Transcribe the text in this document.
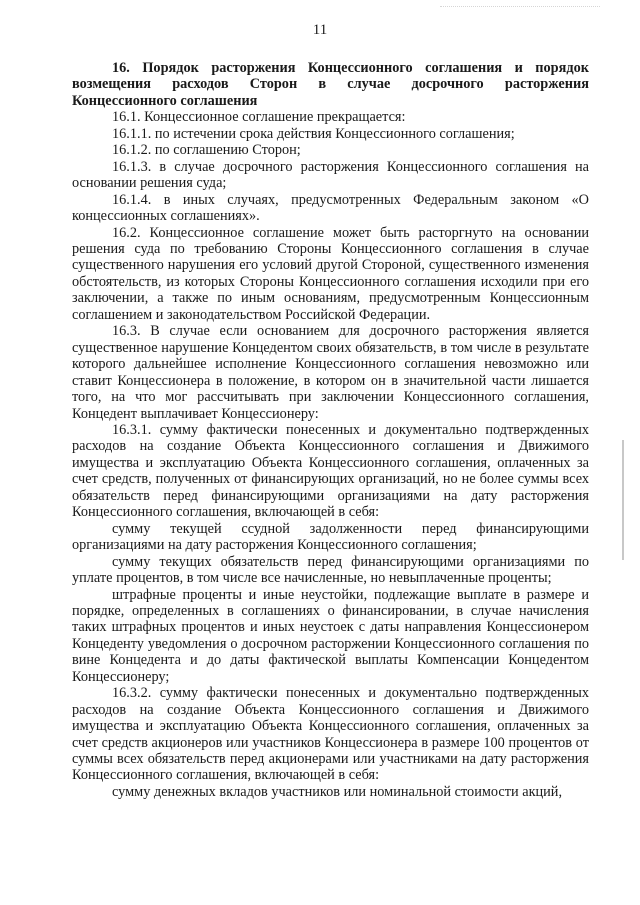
11

16. Порядок расторжения Концессионного соглашения и порядок возмещения расходов Сторон в случае досрочного расторжения Концессионного соглашения

16.1. Концессионное соглашение прекращается:

16.1.1. по истечении срока действия Концессионного соглашения;

16.1.2. по соглашению Сторон;

16.1.3. в случае досрочного расторжения Концессионного соглашения на основании решения суда;

16.1.4. в иных случаях, предусмотренных Федеральным законом «О концессионных соглашениях».

16.2. Концессионное соглашение может быть расторгнуто на основании решения суда по требованию Стороны Концессионного соглашения в случае существенного нарушения его условий другой Стороной, существенного изменения обстоятельств, из которых Стороны Концессионного соглашения исходили при его заключении, а также по иным основаниям, предусмотренным Концессионным соглашением и законодательством Российской Федерации.

16.3. В случае если основанием для досрочного расторжения является существенное нарушение Концедентом своих обязательств, в том числе в результате которого дальнейшее исполнение Концессионного соглашения невозможно или ставит Концессионера в положение, в котором он в значительной части лишается того, на что мог рассчитывать при заключении Концессионного соглашения, Концедент выплачивает Концессионеру:

16.3.1. сумму фактически понесенных и документально подтвержденных расходов на создание Объекта Концессионного соглашения и Движимого имущества и эксплуатацию Объекта Концессионного соглашения, оплаченных за счет средств, полученных от финансирующих организаций, но не более суммы всех обязательств перед финансирующими организациями на дату расторжения Концессионного соглашения, включающей в себя:

сумму текущей ссудной задолженности перед финансирующими организациями на дату расторжения Концессионного соглашения;

сумму текущих обязательств перед финансирующими организациями по уплате процентов, в том числе все начисленные, но невыплаченные проценты;

штрафные проценты и иные неустойки, подлежащие выплате в размере и порядке, определенных в соглашениях о финансировании, в случае начисления таких штрафных процентов и иных неустоек с даты направления Концессионером Концеденту уведомления о досрочном расторжении Концессионного соглашения по вине Концедента и до даты фактической выплаты Компенсации Концедентом Концессионеру;

16.3.2. сумму фактически понесенных и документально подтвержденных расходов на создание Объекта Концессионного соглашения и Движимого имущества и эксплуатацию Объекта Концессионного соглашения, оплаченных за счет средств акционеров или участников Концессионера в размере 100 процентов от суммы всех обязательств перед акционерами или участниками на дату расторжения Концессионного соглашения, включающей в себя:

сумму денежных вкладов участников или номинальной стоимости акций,
